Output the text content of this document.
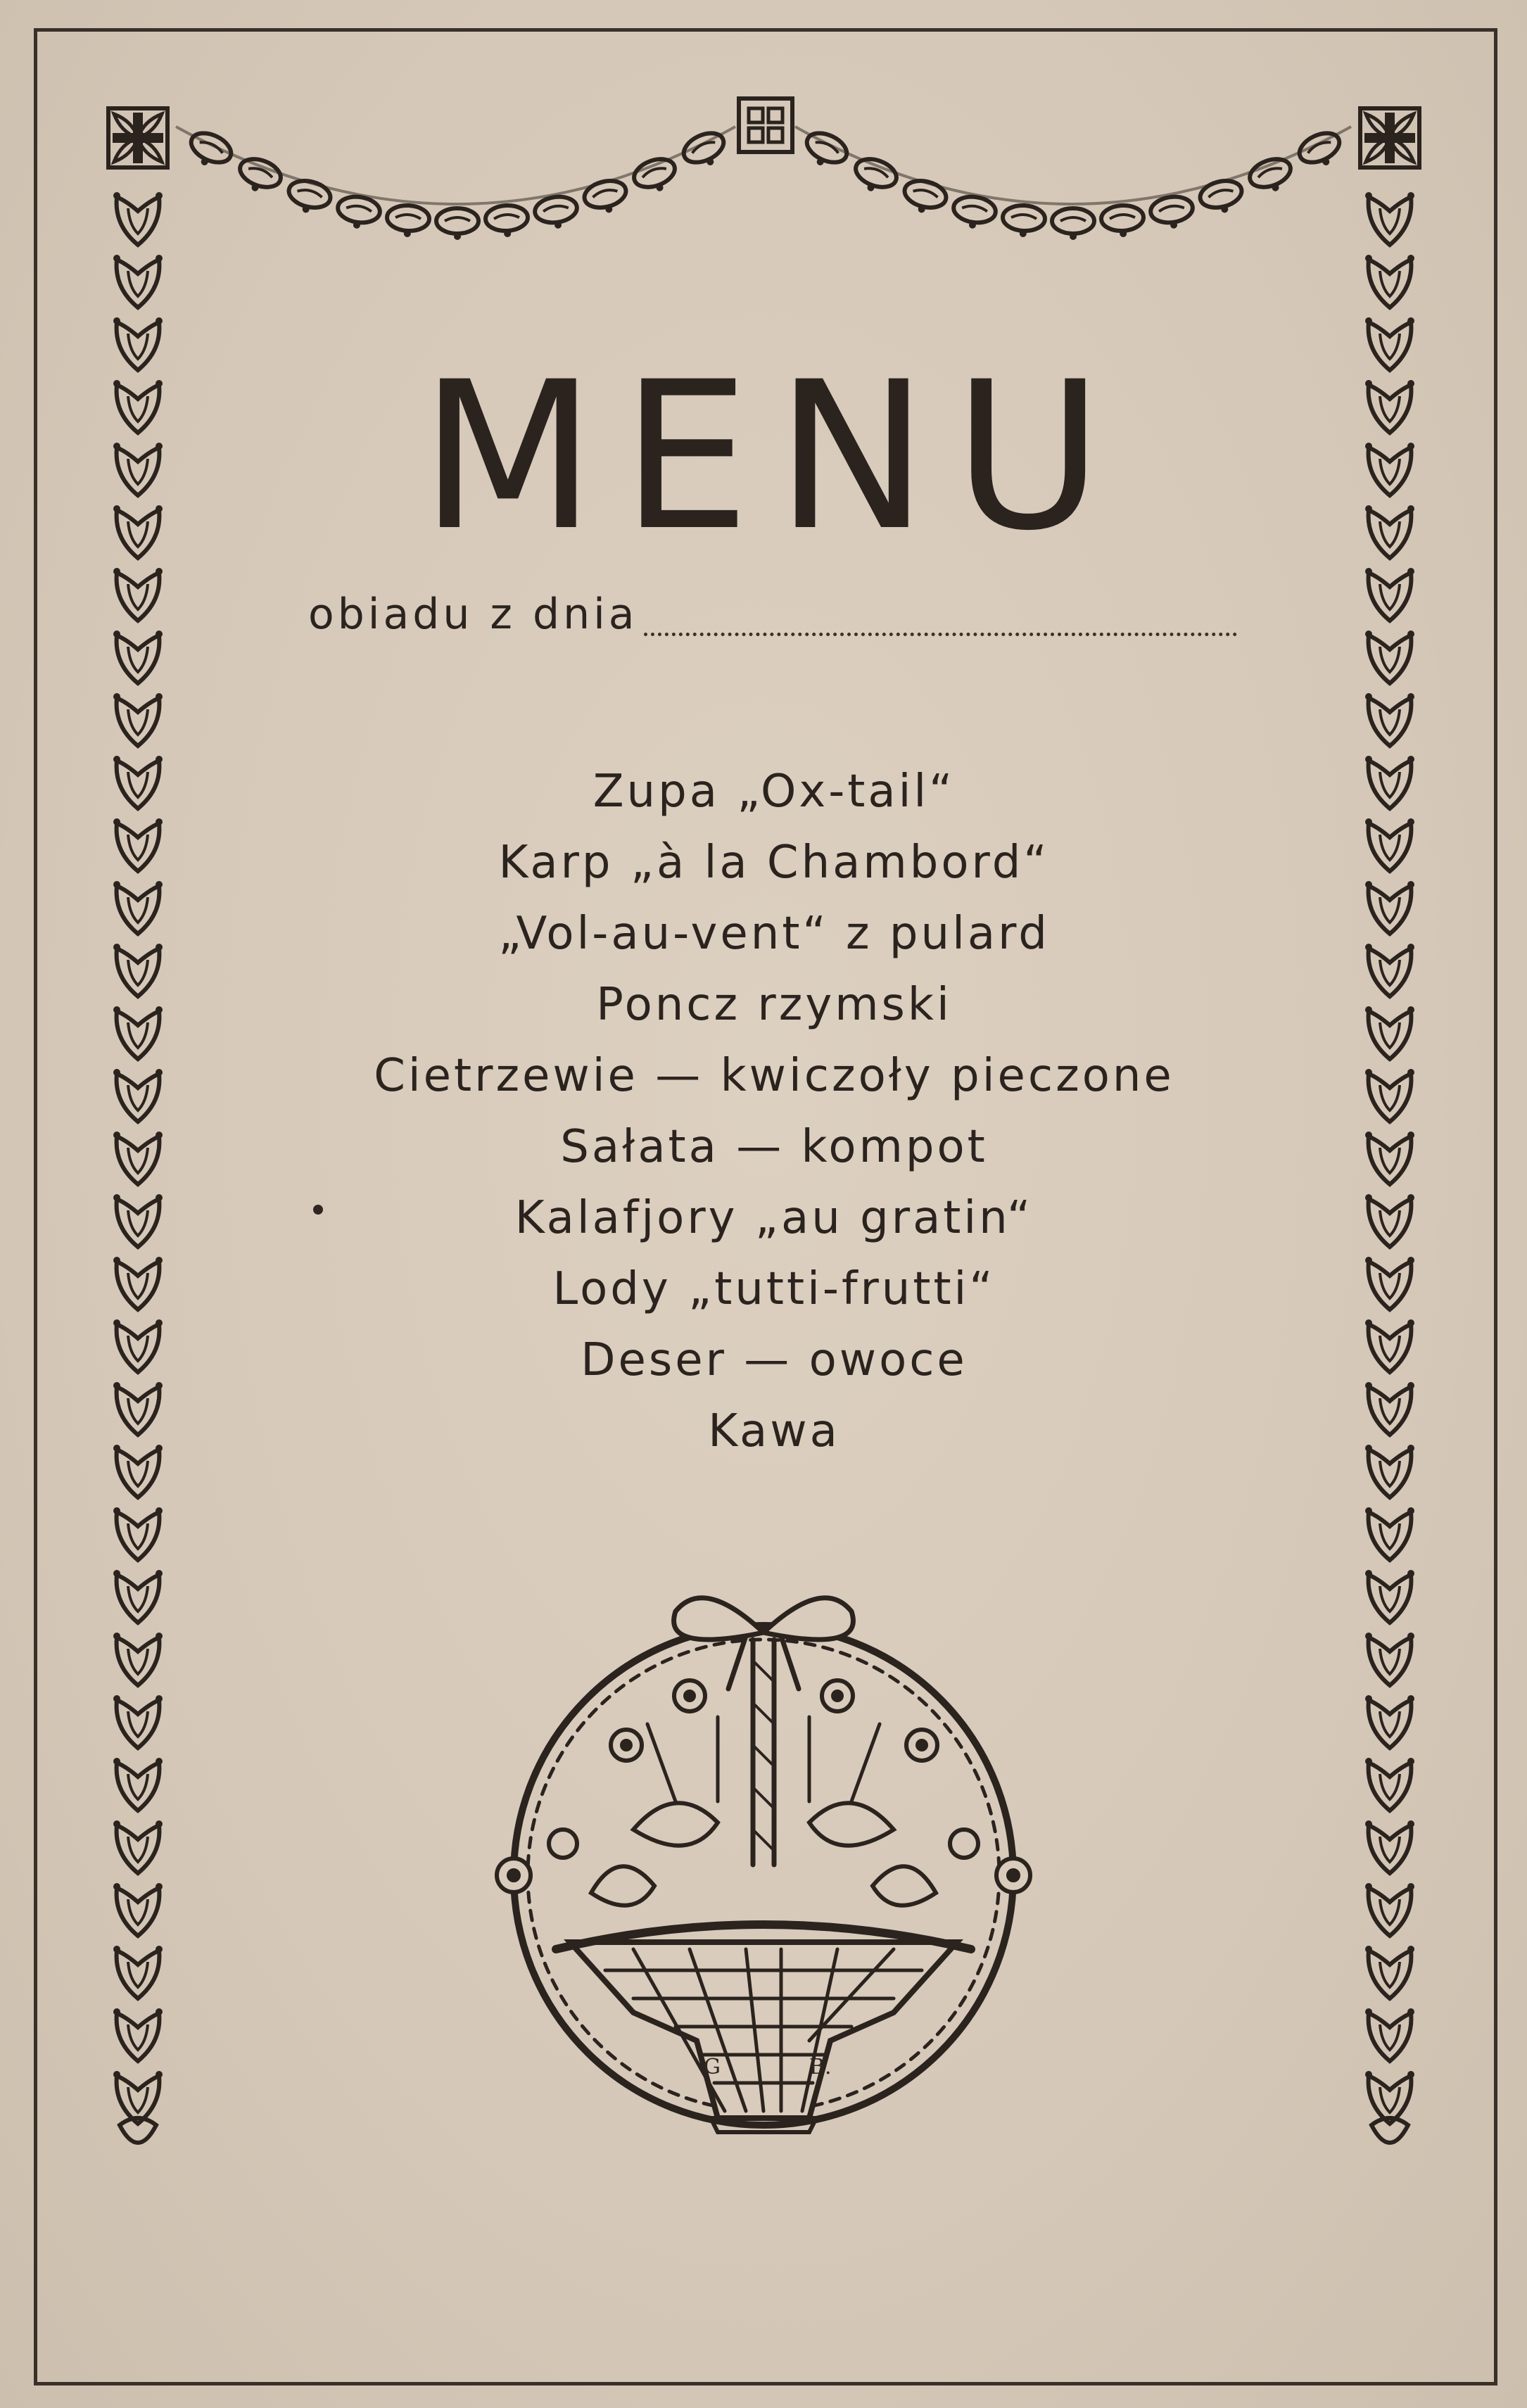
MENU
obiadu z dnia
Zupa „Ox-tail“
Karp „à la Chambord“
„Vol-au-vent“ z pulard
Poncz rzymski
Cietrzewie — kwiczoły pieczone
Sałata — kompot
Kalafjory „au gratin“
Lody „tutti-frutti“
Deser — owoce
Kawa
G	B.
